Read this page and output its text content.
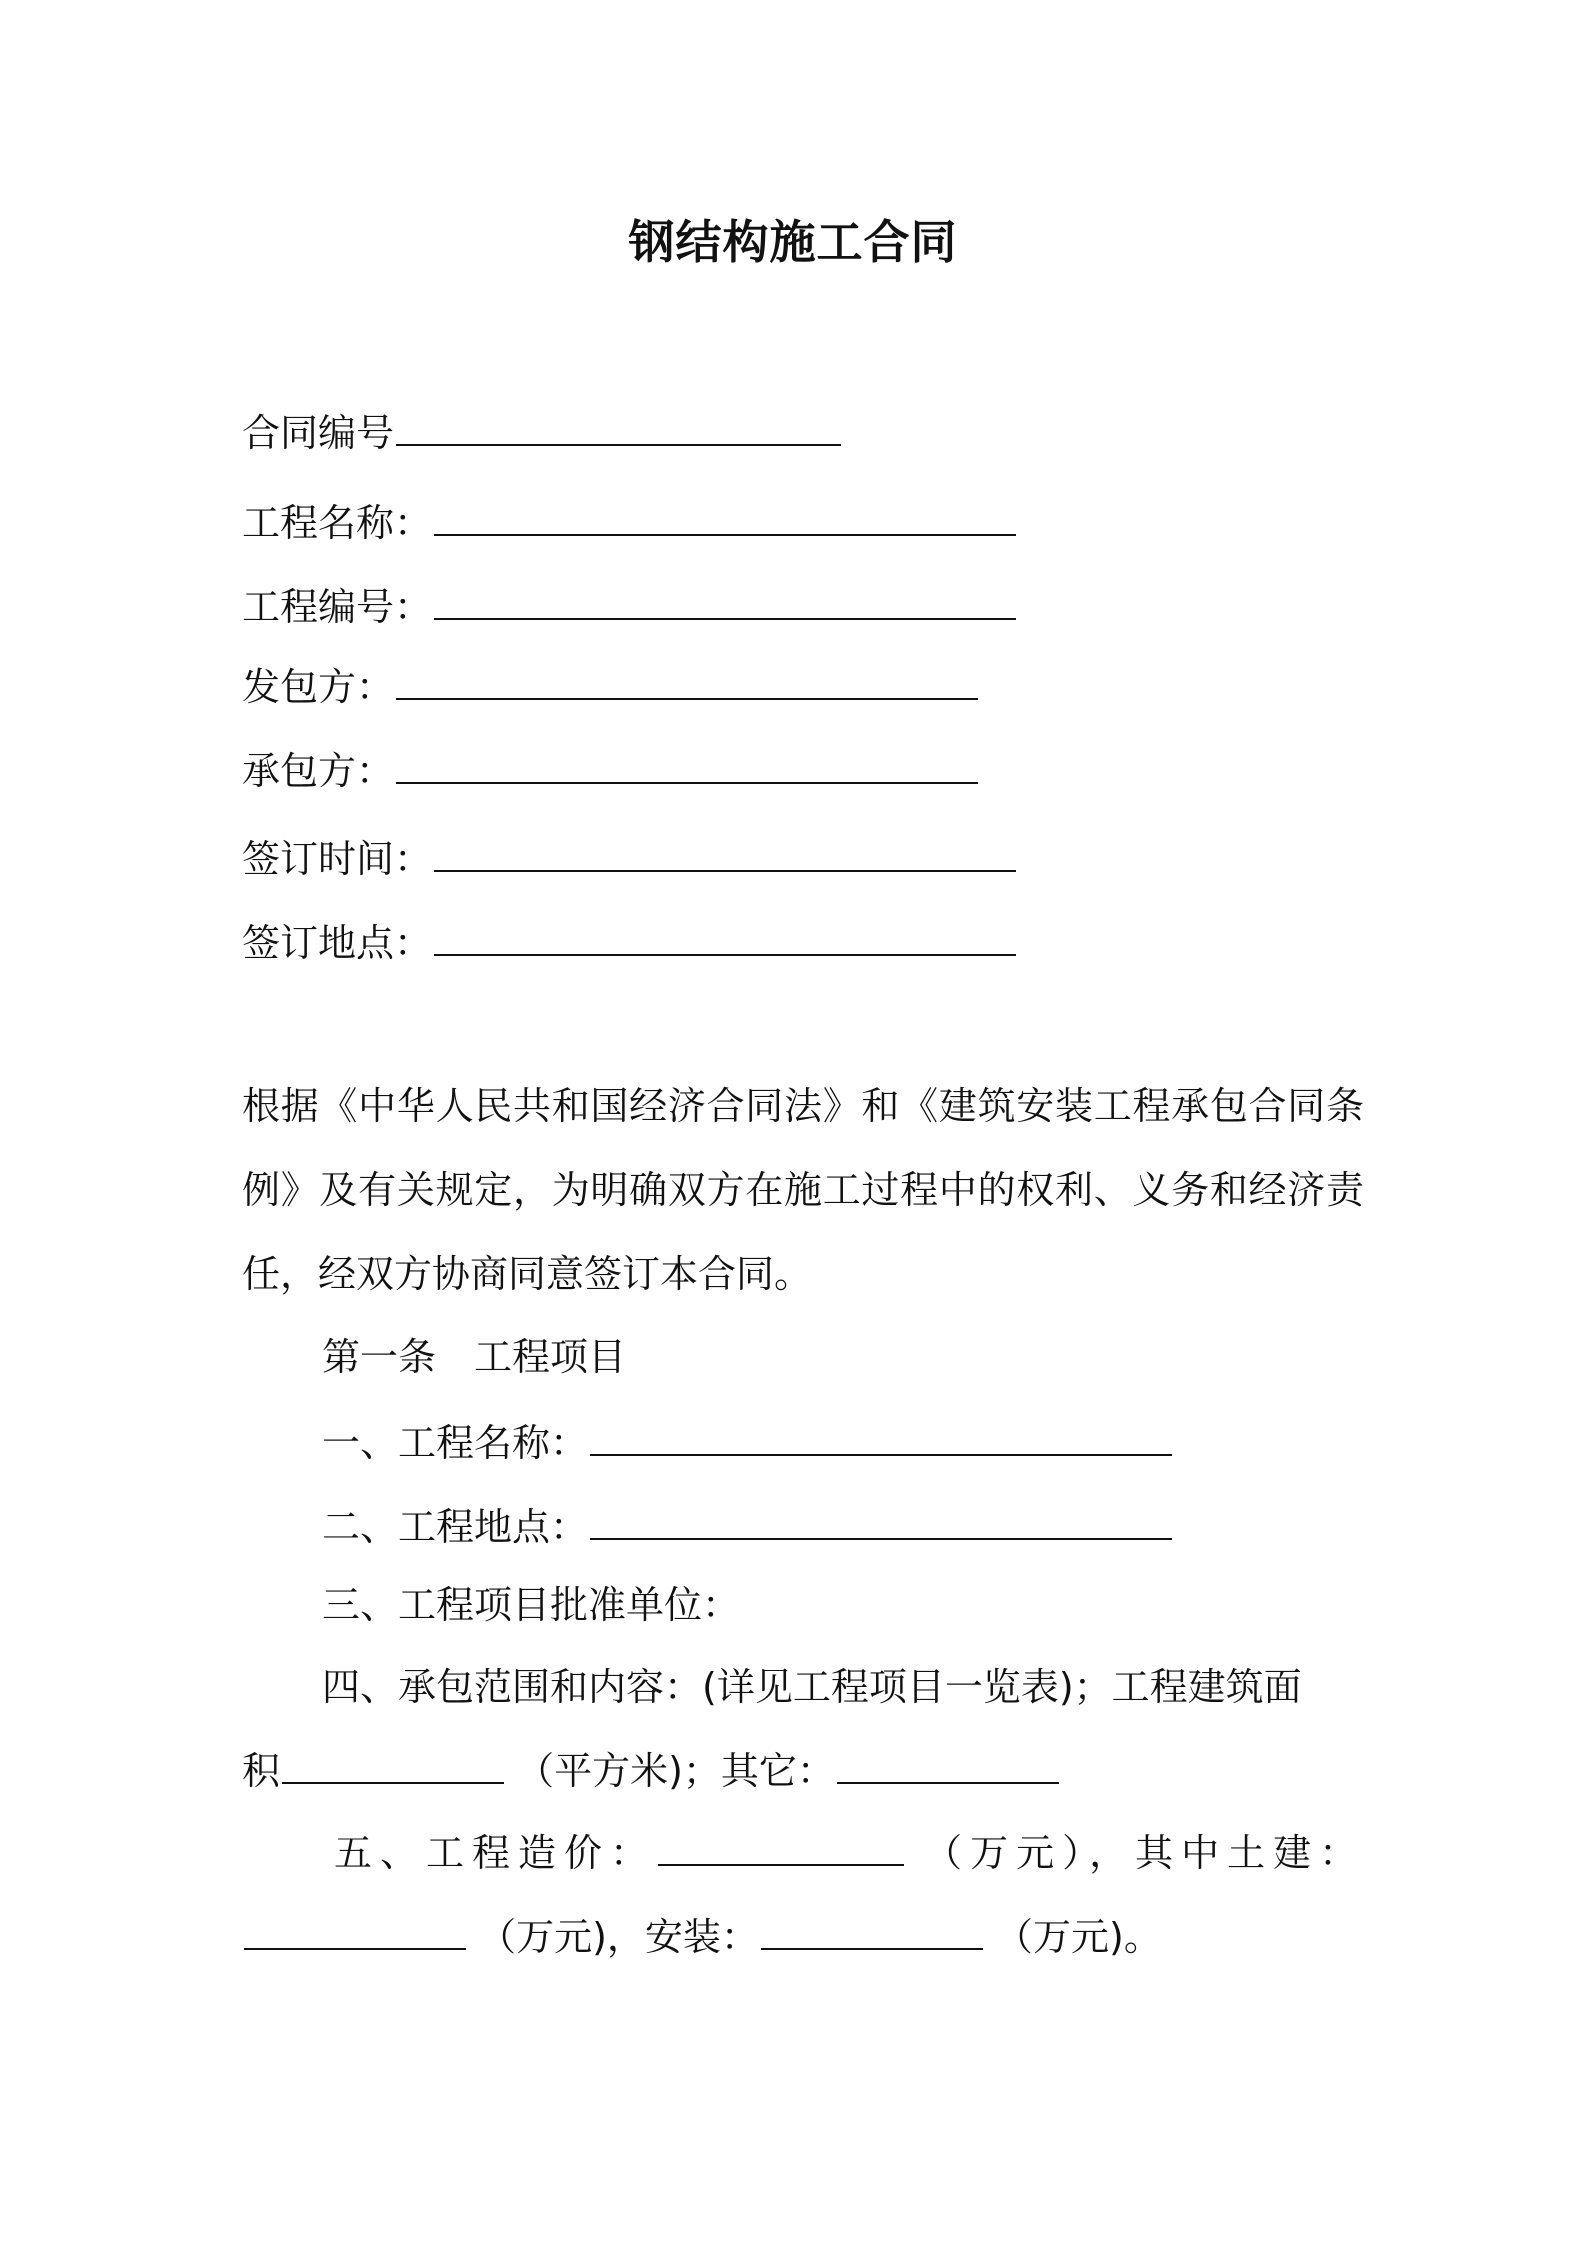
钢结构施工合同
合同编号
工程名称：
工程编号：
发包方：
承包方：
签订时间：
签订地点：
根据《中华人民共和国经济合同法》和《建筑安装工程承包合同条例》及有关规定，为明确双方在施工过程中的权利、义务和经济责任，经双方协商同意签订本合同。
第一条　工程项目
一、工程名称：
二、工程地点：
三、工程项目批准单位：
四、承包范围和内容：(详见工程项目一览表)；工程建筑面
积	（平方米)；其它：
五、工程造价：	（万元），其中土建：
（万元)，安装：	（万元)。
